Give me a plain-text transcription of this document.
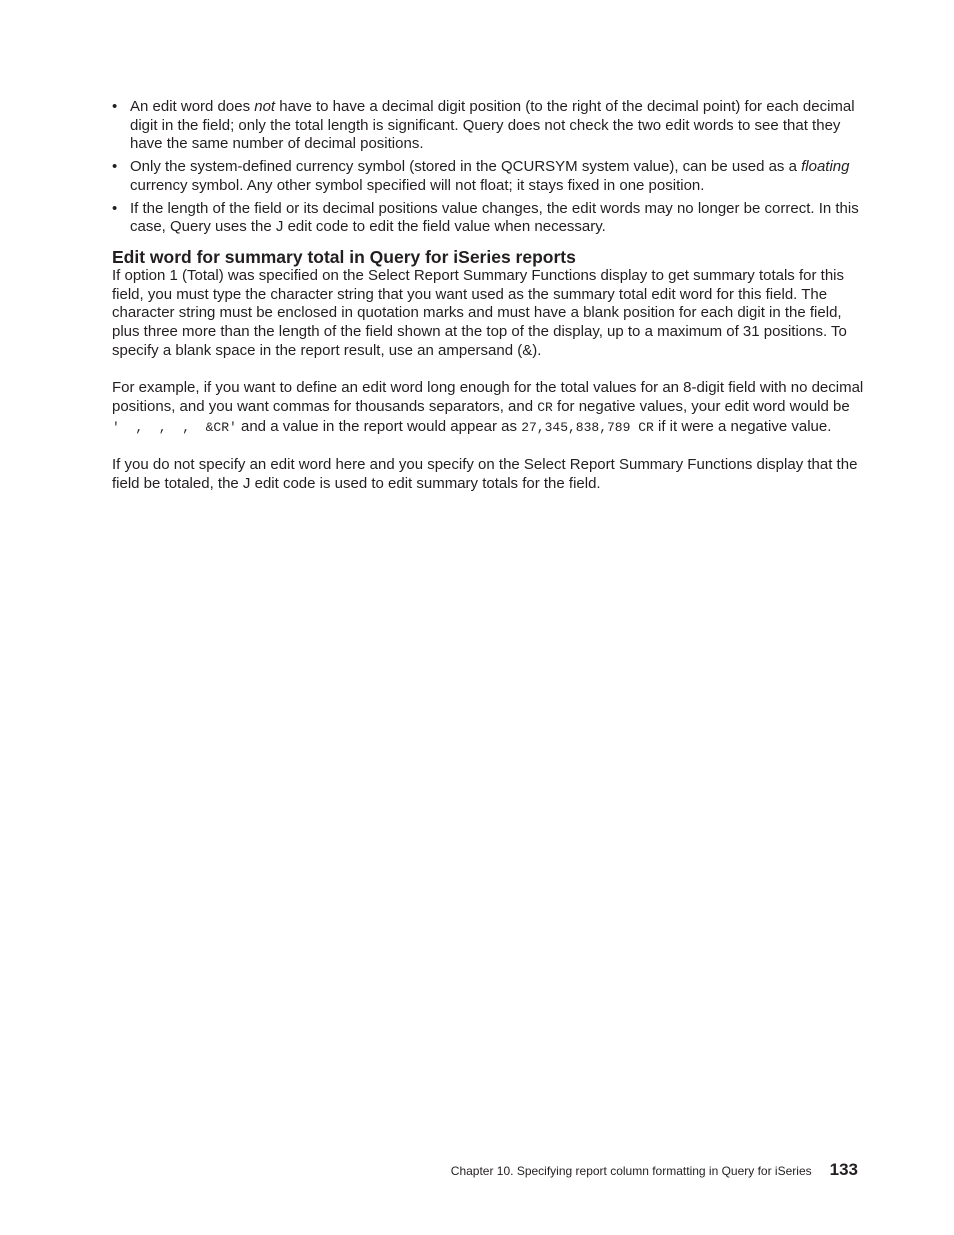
• An edit word does not have to have a decimal digit position (to the right of the decimal point) for each decimal digit in the field; only the total length is significant. Query does not check the two edit words to see that they have the same number of decimal positions.
• Only the system-defined currency symbol (stored in the QCURSYM system value), can be used as a floating currency symbol. Any other symbol specified will not float; it stays fixed in one position.
• If the length of the field or its decimal positions value changes, the edit words may no longer be correct. In this case, Query uses the J edit code to edit the field value when necessary.
Edit word for summary total in Query for iSeries reports

If option 1 (Total) was specified on the Select Report Summary Functions display to get summary totals for this field, you must type the character string that you want used as the summary total edit word for this field. The character string must be enclosed in quotation marks and must have a blank position for each digit in the field, plus three more than the length of the field shown at the top of the display, up to a maximum of 31 positions. To specify a blank space in the report result, use an ampersand (&).

For example, if you want to define an edit word long enough for the total values for an 8-digit field with no decimal positions, and you want commas for thousands separators, and CR for negative values, your edit word would be '  ,  ,  ,  &CR' and a value in the report would appear as 27,345,838,789 CR if it were a negative value.

If you do not specify an edit word here and you specify on the Select Report Summary Functions display that the field be totaled, the J edit code is used to edit summary totals for the field.

Chapter 10. Specifying report column formatting in Query for iSeries 133
